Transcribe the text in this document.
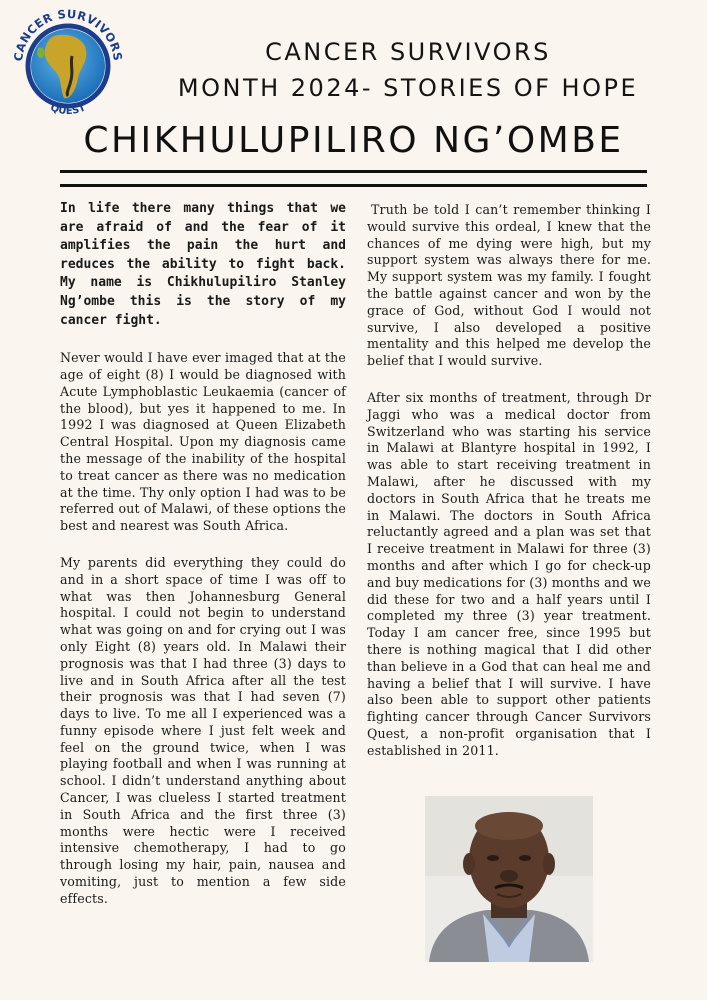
CANCER SURVIVORS
QUEST
CANCER SURVIVORS
MONTH 2024- STORIES OF HOPE
CHIKHULUPILIRO NG’OMBE

In life there many things that we are afraid of and the fear of it amplifies the pain the hurt and reduces the ability to fight back. My name is Chikhulupiliro Stanley Ng’ombe this is the story of my cancer fight.

Never would I have ever imaged that at the age of eight (8) I would be diagnosed with Acute Lymphoblastic Leukaemia (cancer of the blood), but yes it happened to me. In 1992 I was diagnosed at Queen Elizabeth Central Hospital. Upon my diagnosis came the message of the inability of the hospital to treat cancer as there was no medication at the time. Thy only option I had was to be referred out of Malawi, of these options the best and nearest was South Africa.

My parents did everything they could do and in a short space of time I was off to what was then Johannesburg General hospital. I could not begin to understand what was going on and for crying out I was only Eight (8) years old. In Malawi their prognosis was that I had three (3) days to live and in South Africa after all the test their prognosis was that I had seven (7) days to live. To me all I experienced was a funny episode where I just felt week and feel on the ground twice, when I was playing football and when I was running at school. I didn’t understand anything about Cancer, I was clueless I started treatment in South Africa and the first three (3) months were hectic were I received intensive chemotherapy, I had to go through losing my hair, pain, nausea and vomiting, just to mention a few side effects.

Truth be told I can’t remember thinking I would survive this ordeal, I knew that the chances of me dying were high, but my support system was always there for me. My support system was my family. I fought the battle against cancer and won by the grace of God, without God I would not survive, I also developed a positive mentality and this helped me develop the belief that I would survive.

After six months of treatment, through Dr Jaggi who was a medical doctor from Switzerland who was starting his service in Malawi at Blantyre hospital in 1992, I was able to start receiving treatment in Malawi, after he discussed with my doctors in South Africa that he treats me in Malawi. The doctors in South Africa reluctantly agreed and a plan was set that I receive treatment in Malawi for three (3) months and after which I go for check-up and buy medications for (3) months and we did these for two and a half years until I completed my three (3) year treatment. Today I am cancer free, since 1995 but there is nothing magical that I did other than believe in a God that can heal me and having a belief that I will survive. I have also been able to support other patients fighting cancer through Cancer Survivors Quest, a non-profit organisation that I established in 2011.
